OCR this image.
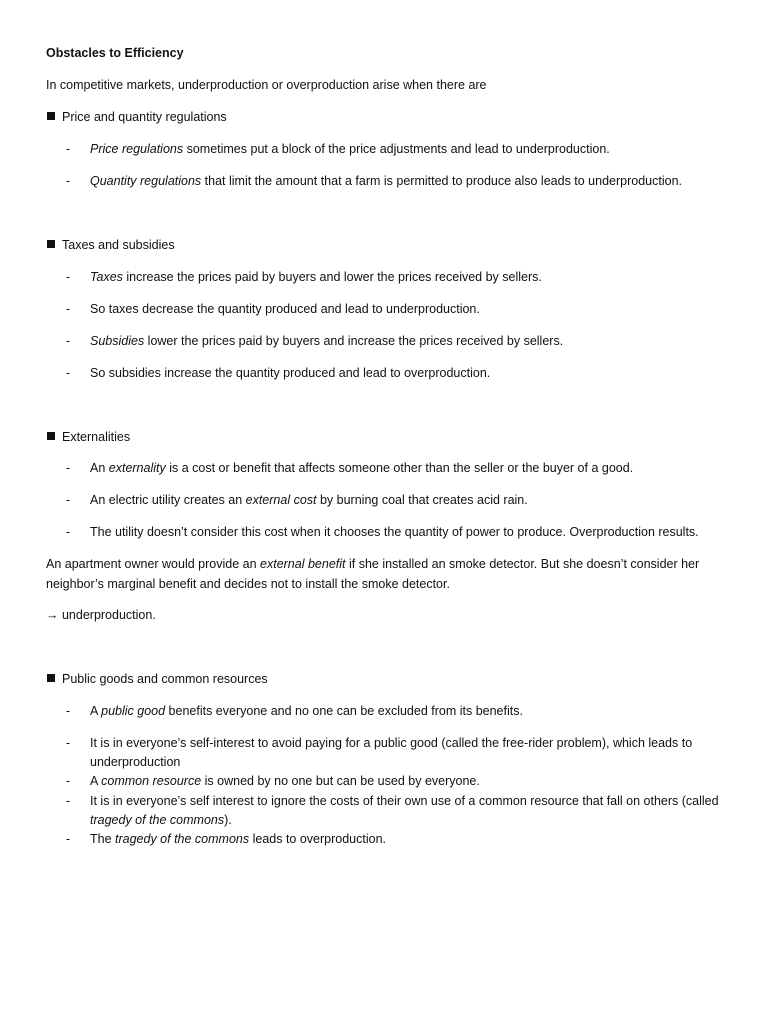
Obstacles to Efficiency
In competitive markets, underproduction or overproduction arise when there are
Price and quantity regulations
- Price regulations sometimes put a block of the price adjustments and lead to underproduction.
- Quantity regulations that limit the amount that a farm is permitted to produce also leads to underproduction.
Taxes and subsidies
- Taxes increase the prices paid by buyers and lower the prices received by sellers.
- So taxes decrease the quantity produced and lead to underproduction.
- Subsidies lower the prices paid by buyers and increase the prices received by sellers.
- So subsidies increase the quantity produced and lead to overproduction.
Externalities
- An externality is a cost or benefit that affects someone other than the seller or the buyer of a good.
- An electric utility creates an external cost by burning coal that creates acid rain.
- The utility doesn’t consider this cost when it chooses the quantity of power to produce. Overproduction results.
An apartment owner would provide an external benefit if she installed an smoke detector. But she doesn’t consider her neighbor’s marginal benefit and decides not to install the smoke detector.
→ underproduction.
Public goods and common resources
- A public good benefits everyone and no one can be excluded from its benefits.
- It is in everyone’s self-interest to avoid paying for a public good (called the free-rider problem), which leads to underproduction
- A common resource is owned by no one but can be used by everyone.
- It is in everyone’s self interest to ignore the costs of their own use of a common resource that fall on others (called tragedy of the commons).
- The tragedy of the commons leads to overproduction.
